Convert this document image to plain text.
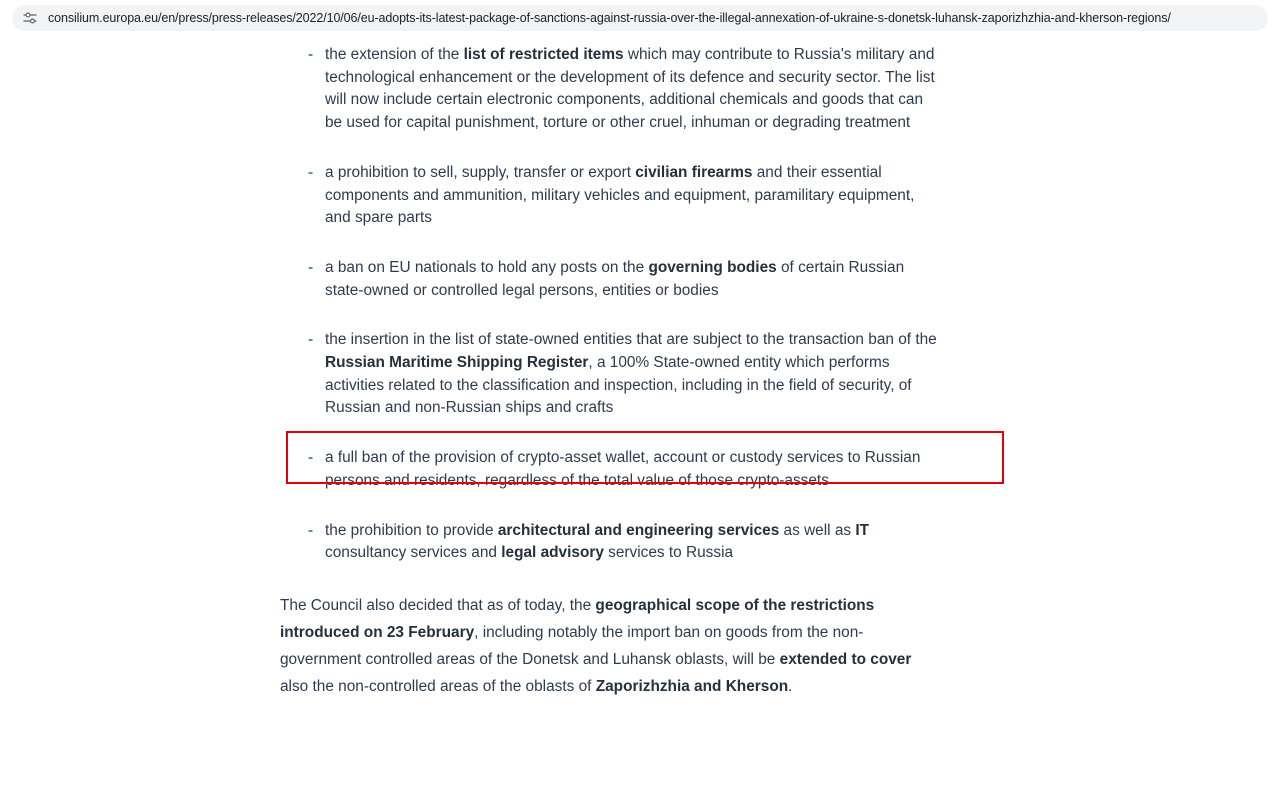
consilium.europa.eu/en/press/press-releases/2022/10/06/eu-adopts-its-latest-package-of-sanctions-against-russia-over-the-illegal-annexation-of-ukraine-s-donetsk-luhansk-zaporizhzhia-and-kherson-regions/
- the extension of the list of restricted items which may contribute to Russia's military and technological enhancement or the development of its defence and security sector. The list will now include certain electronic components, additional chemicals and goods that can be used for capital punishment, torture or other cruel, inhuman or degrading treatment
- a prohibition to sell, supply, transfer or export civilian firearms and their essential components and ammunition, military vehicles and equipment, paramilitary equipment, and spare parts
- a ban on EU nationals to hold any posts on the governing bodies of certain Russian state-owned or controlled legal persons, entities or bodies
- the insertion in the list of state-owned entities that are subject to the transaction ban of the Russian Maritime Shipping Register, a 100% State-owned entity which performs activities related to the classification and inspection, including in the field of security, of Russian and non-Russian ships and crafts
- a full ban of the provision of crypto-asset wallet, account or custody services to Russian persons and residents, regardless of the total value of those crypto-assets
- the prohibition to provide architectural and engineering services as well as IT consultancy services and legal advisory services to Russia

The Council also decided that as of today, the geographical scope of the restrictions introduced on 23 February, including notably the import ban on goods from the non-government controlled areas of the Donetsk and Luhansk oblasts, will be extended to cover also the non-controlled areas of the oblasts of Zaporizhzhia and Kherson.
